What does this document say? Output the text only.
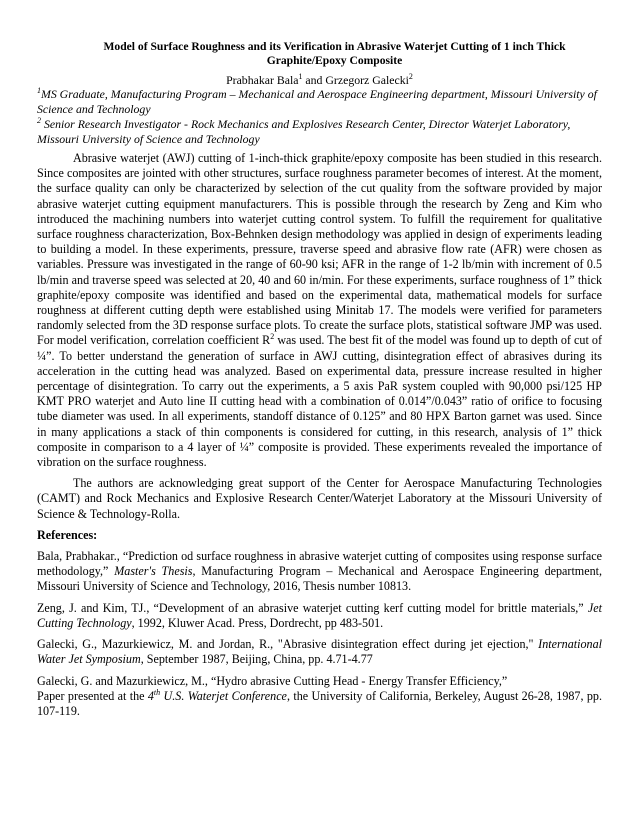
Model of Surface Roughness and its Verification in Abrasive Waterjet Cutting of 1 inch Thick Graphite/Epoxy Composite

Prabhakar Bala$^1$ and Grzegorz Galecki$^2$

$^1$MS Graduate, Manufacturing Program – Mechanical and Aerospace Engineering department, Missouri University of Science and Technology

$^2$ Senior Research Investigator - Rock Mechanics and Explosives Research Center, Director Waterjet Laboratory, Missouri University of Science and Technology

Abrasive waterjet (AWJ) cutting of 1-inch-thick graphite/epoxy composite has been studied in this research. Since composites are jointed with other structures, surface roughness parameter becomes of interest. At the moment, the surface quality can only be characterized by selection of the cut quality from the software provided by major abrasive waterjet cutting equipment manufacturers. This is possible through the research by Zeng and Kim who introduced the machining numbers into waterjet cutting control system. To fulfill the requirement for qualitative surface roughness characterization, Box-Behnken design methodology was applied in design of experiments leading to building a model. In these experiments, pressure, traverse speed and abrasive flow rate (AFR) were chosen as variables. Pressure was investigated in the range of 60-90 ksi; AFR in the range of 1-2 lb/min with increment of 0.5 lb/min and traverse speed was selected at 20, 40 and 60 in/min. For these experiments, surface roughness of 1” thick graphite/epoxy composite was identified and based on the experimental data, mathematical models for surface roughness at different cutting depth were established using Minitab 17. The models were verified for parameters randomly selected from the 3D response surface plots. To create the surface plots, statistical software JMP was used. For model verification, correlation coefficient $R^2$ was used. The best fit of the model was found up to depth of cut of ¼”. To better understand the generation of surface in AWJ cutting, disintegration effect of abrasives during its acceleration in the cutting head was analyzed. Based on experimental data, pressure increase resulted in higher percentage of disintegration. To carry out the experiments, a 5 axis PaR system coupled with 90,000 psi/125 HP KMT PRO waterjet and Auto line II cutting head with a combination of 0.014”/0.043” ratio of orifice to focusing tube diameter was used. In all experiments, standoff distance of 0.125” and 80 HPX Barton garnet was used. Since in many applications a stack of thin components is considered for cutting, in this research, analysis of 1” thick composite in comparison to a 4 layer of ¼” composite is provided. These experiments revealed the importance of vibration on the surface roughness.

The authors are acknowledging great support of the Center for Aerospace Manufacturing Technologies (CAMT) and Rock Mechanics and Explosive Research Center/Waterjet Laboratory at the Missouri University of Science & Technology-Rolla.

References:

Bala, Prabhakar., “Prediction od surface roughness in abrasive waterjet cutting of composites using response surface methodology,” Master's Thesis, Manufacturing Program – Mechanical and Aerospace Engineering department, Missouri University of Science and Technology, 2016, Thesis number 10813.

Zeng, J. and Kim, TJ., “Development of an abrasive waterjet cutting kerf cutting model for brittle materials,” Jet Cutting Technology, 1992, Kluwer Acad. Press, Dordrecht, pp 483-501.

Galecki, G., Mazurkiewicz, M. and Jordan, R., "Abrasive disintegration effect during jet ejection," International Water Jet Symposium, September 1987, Beijing, China, pp. 4.71-4.77

Galecki, G. and Mazurkiewicz, M., “Hydro abrasive Cutting Head - Energy Transfer Efficiency,”
Paper presented at the 4th U.S. Waterjet Conference, the University of California, Berkeley, August 26-28, 1987, pp. 107-119.
